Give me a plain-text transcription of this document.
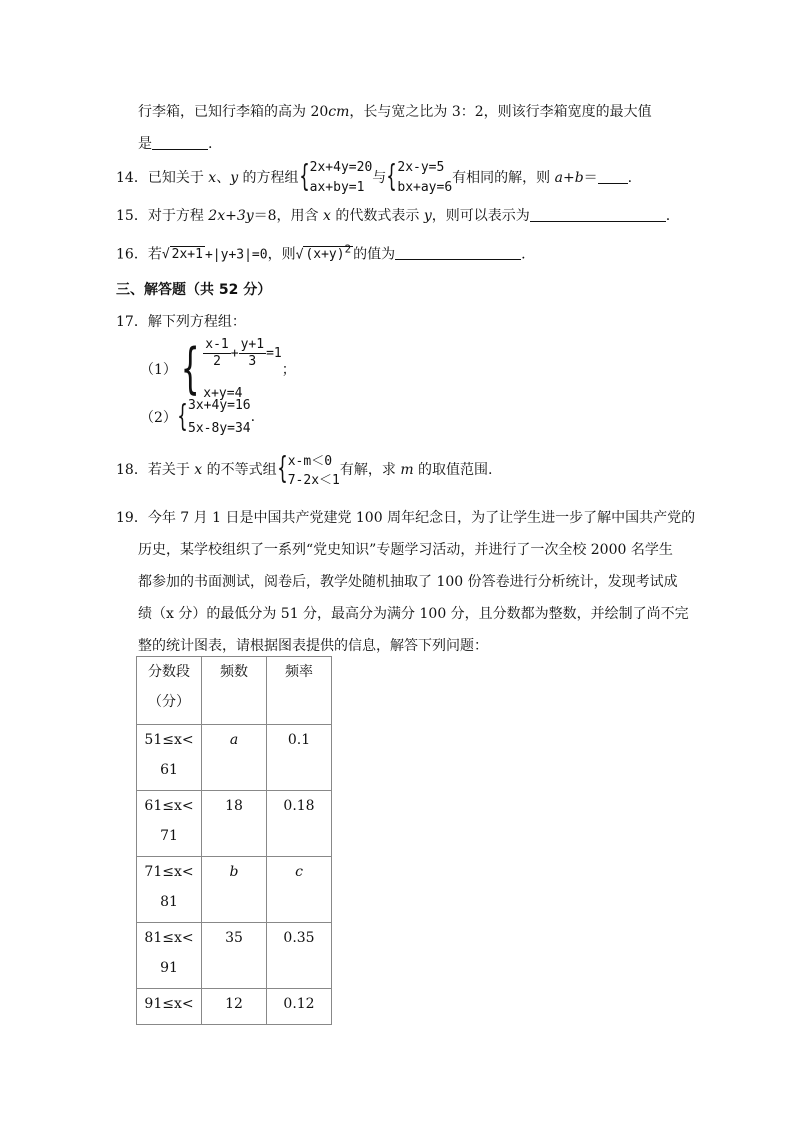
行李箱，已知行李箱的高为 20cm，长与宽之比为 3：2，则该行李箱宽度的最大值
是	.
14．已知关于 x、y 的方程组 { 2x+4y=20
ax+by=1
与 { 2x-y=5
bx+ay=6
有相同的解，则 a+b＝ .
15．对于方程 2x+3y＝8，用含 x 的代数式表示 y，则可以表示为	.
16．若√ 2x+1 +|y+3|=0，则√ $(x+y)^2$ 的值为	.
三、解答题（共 52 分）
17．解下列方程组：
（1） { $\frac{x-1}{2} + \frac{y+1}{3} =1$
x+y=4
；
（2） { 3x+4y=16
5x-8y=34
.
18．若关于 x 的不等式组 { x-m＜0
7-2x＜1
有解，求 m 的取值范围.
19．今年 7 月 1 日是中国共产党建党 100 周年纪念日，为了让学生进一步了解中国共产党的
历史，某学校组织了一系列“党史知识”专题学习活动，并进行了一次全校 2000 名学生
都参加的书面测试，阅卷后，教学处随机抽取了 100 份答卷进行分析统计，发现考试成
绩（x 分）的最低分为 51 分，最高分为满分 100 分，且分数都为整数，并绘制了尚不完
整的统计图表，请根据图表提供的信息，解答下列问题：
分数段
（分）	频数	频率

51≤x<
61	a	0.1

61≤x<
71	18	0.18

71≤x<
81	b	c

81≤x<
91	35	0.35

91≤x<	12	0.12
